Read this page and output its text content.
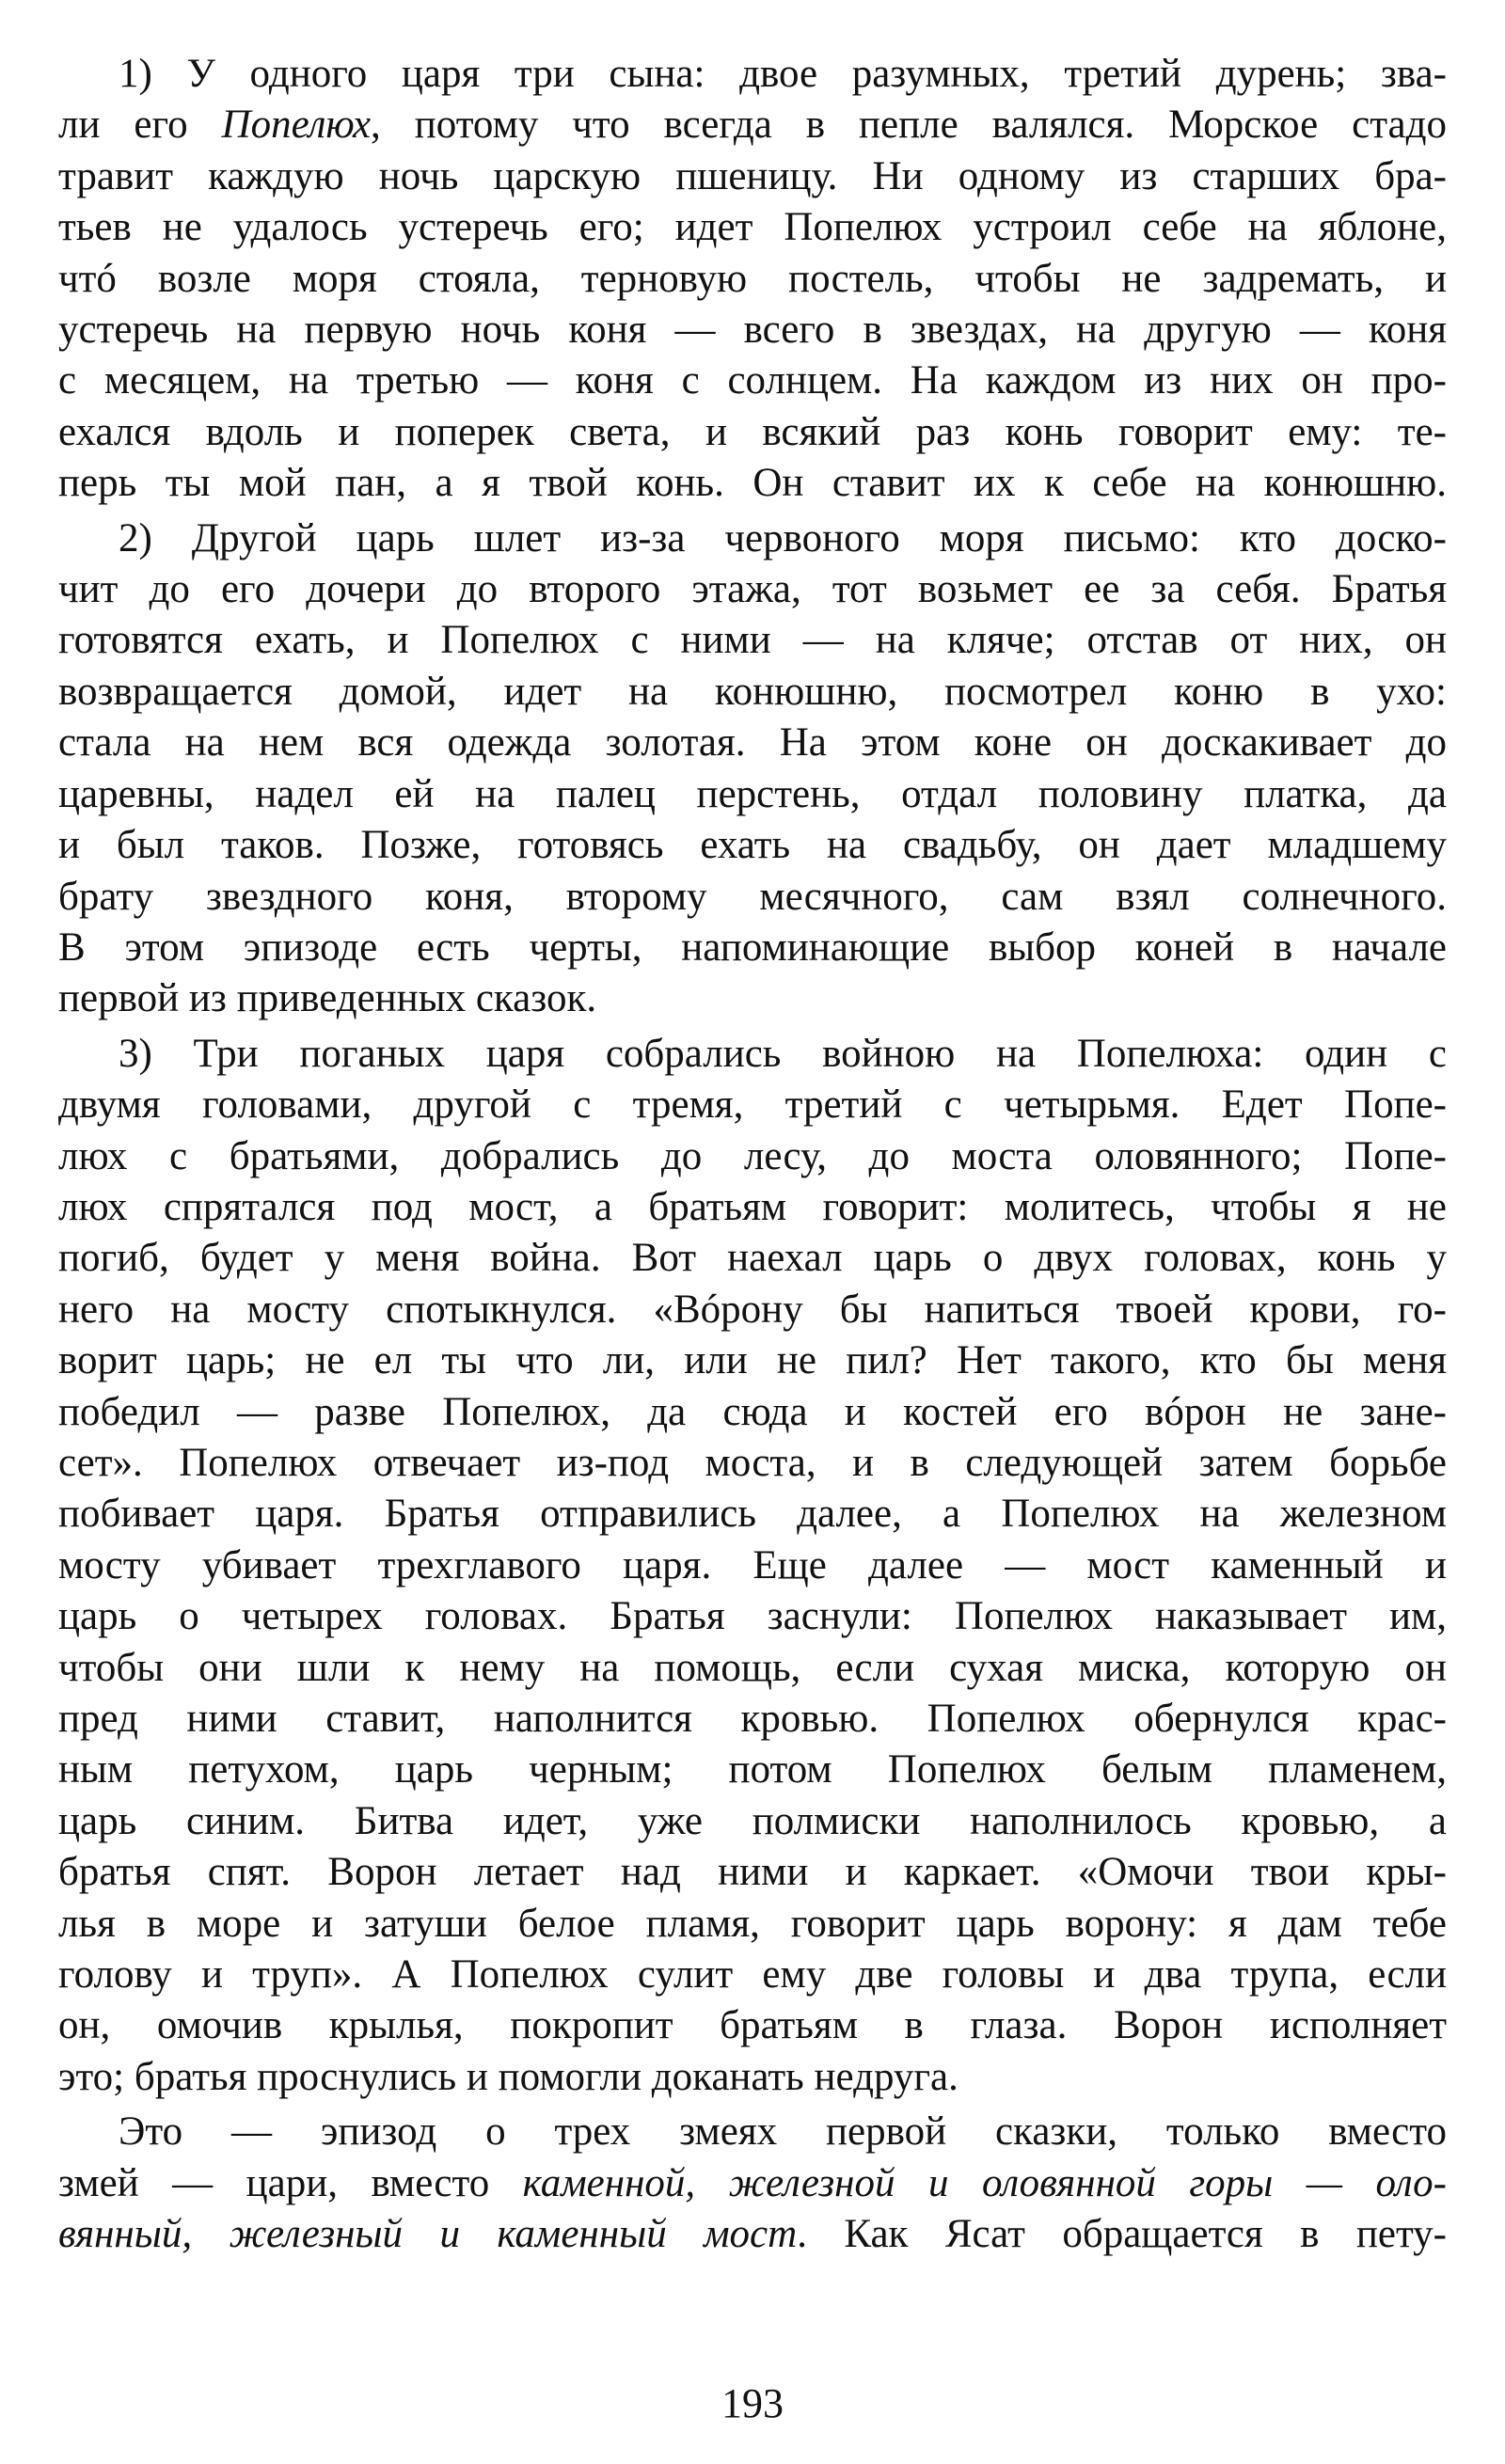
1) У одного царя три сына: двое разумных, третий дурень; зва-
ли его Попелюх, потому что всегда в пепле валялся. Морское стадо
травит каждую ночь царскую пшеницу. Ни одному из старших бра-
тьев не удалось устеречь его; идет Попелюх устроил себе на яблоне,
чтó возле моря стояла, терновую постель, чтобы не задремать, и
устеречь на первую ночь коня — всего в звездах, на другую — коня
с месяцем, на третью — коня с солнцем. На каждом из них он про-
ехался вдоль и поперек света, и всякий раз конь говорит ему: те-
перь ты мой пан, а я твой конь. Он ставит их к себе на конюшню.
2) Другой царь шлет из-за червоного моря письмо: кто доско-
чит до его дочери до второго этажа, тот возьмет ее за себя. Братья
готовятся ехать, и Попелюх с ними — на кляче; отстав от них, он
возвращается домой, идет на конюшню, посмотрел коню в ухо:
стала на нем вся одежда золотая. На этом коне он доскакивает до
царевны, надел ей на палец перстень, отдал половину платка, да
и был таков. Позже, готовясь ехать на свадьбу, он дает младшему
брату звездного коня, второму месячного, сам взял солнечного.
В этом эпизоде есть черты, напоминающие выбор коней в начале
первой из приведенных сказок.
3) Три поганых царя собрались войною на Попелюха: один с
двумя головами, другой с тремя, третий с четырьмя. Едет Попе-
люх с братьями, добрались до лесу, до моста оловянного; Попе-
люх спрятался под мост, а братьям говорит: молитесь, чтобы я не
погиб, будет у меня война. Вот наехал царь о двух головах, конь у
него на мосту спотыкнулся. «Вóрону бы напиться твоей крови, го-
ворит царь; не ел ты что ли, или не пил? Нет такого, кто бы меня
победил — разве Попелюх, да сюда и костей его вóрон не зане-
сет». Попелюх отвечает из-под моста, и в следующей затем борьбе
побивает царя. Братья отправились далее, а Попелюх на железном
мосту убивает трехглавого царя. Еще далее — мост каменный и
царь о четырех головах. Братья заснули: Попелюх наказывает им,
чтобы они шли к нему на помощь, если сухая миска, которую он
пред ними ставит, наполнится кровью. Попелюх обернулся крас-
ным петухом, царь черным; потом Попелюх белым пламенем,
царь синим. Битва идет, уже полмиски наполнилось кровью, а
братья спят. Ворон летает над ними и каркает. «Омочи твои кры-
лья в море и затуши белое пламя, говорит царь ворону: я дам тебе
голову и труп». А Попелюх сулит ему две головы и два трупа, если
он, омочив крылья, покропит братьям в глаза. Ворон исполняет
это; братья проснулись и помогли доканать недруга.
Это — эпизод о трех змеях первой сказки, только вместо
змей — цари, вместо каменной, железной и оловянной горы — оло-
вянный, железный и каменный мост. Как Ясат обращается в пету-
193
